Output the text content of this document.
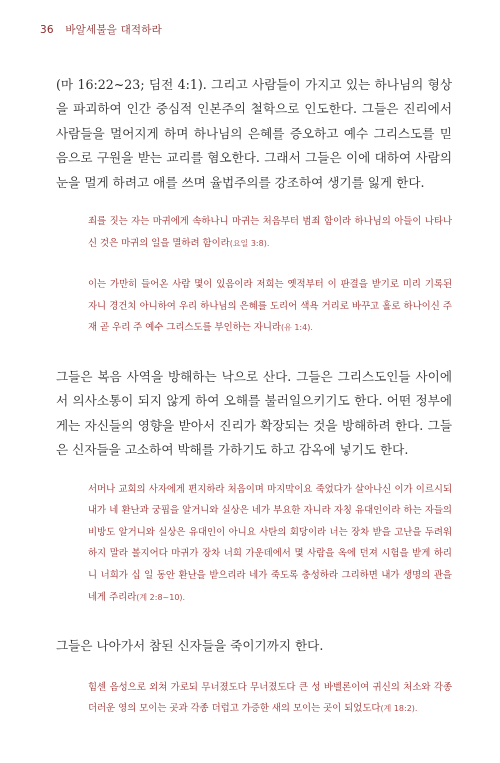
36 바알세불을 대적하라

(마 16:22~23; 딤전 4:1). 그리고 사람들이 가지고 있는 하나님의 형상을 파괴하여 인간 중심적 인본주의 철학으로 인도한다. 그들은 진리에서 사람들을 멀어지게 하며 하나님의 은혜를 증오하고 예수 그리스도를 믿음으로 구원을 받는 교리를 혐오한다. 그래서 그들은 이에 대하여 사람의 눈을 멀게 하려고 애를 쓰며 율법주의를 강조하여 생기를 잃게 한다.

죄를 짓는 자는 마귀에게 속하나니 마귀는 처음부터 범죄 함이라 하나님의 아들이 나타나신 것은 마귀의 일을 멸하려 함이라(요일 3:8).

이는 가만히 들어온 사람 몇이 있음이라 저희는 옛적부터 이 판결을 받기로 미리 기록된 자니 경건치 아니하여 우리 하나님의 은혜를 도리어 색욕 거리로 바꾸고 홀로 하나이신 주재 곧 우리 주 예수 그리스도를 부인하는 자니라(유 1:4).

그들은 복음 사역을 방해하는 낙으로 산다. 그들은 그리스도인들 사이에서 의사소통이 되지 않게 하여 오해를 불러일으키기도 한다. 어떤 정부에게는 자신들의 영향을 받아서 진리가 확장되는 것을 방해하려 한다. 그들은 신자들을 고소하여 박해를 가하기도 하고 감옥에 넣기도 한다.

서머나 교회의 사자에게 편지하라 처음이며 마지막이요 죽었다가 살아나신 이가 이르시되 내가 네 환난과 궁핍을 알거니와 실상은 네가 부요한 자니라 자칭 유대인이라 하는 자들의 비방도 알거니와 실상은 유대인이 아니요 사탄의 회당이라 너는 장차 받을 고난을 두려워하지 말라 볼지어다 마귀가 장차 너희 가운데에서 몇 사람을 옥에 던져 시험을 받게 하리니 너희가 십 일 동안 환난을 받으리라 네가 죽도록 충성하라 그리하면 내가 생명의 관을 네게 주리라(계 2:8~10).

그들은 나아가서 참된 신자들을 죽이기까지 한다.

힘센 음성으로 외쳐 가로되 무너졌도다 무너졌도다 큰 성 바벨론이여 귀신의 처소와 각종 더러운 영의 모이는 곳과 각종 더럽고 가증한 새의 모이는 곳이 되었도다(계 18:2).
